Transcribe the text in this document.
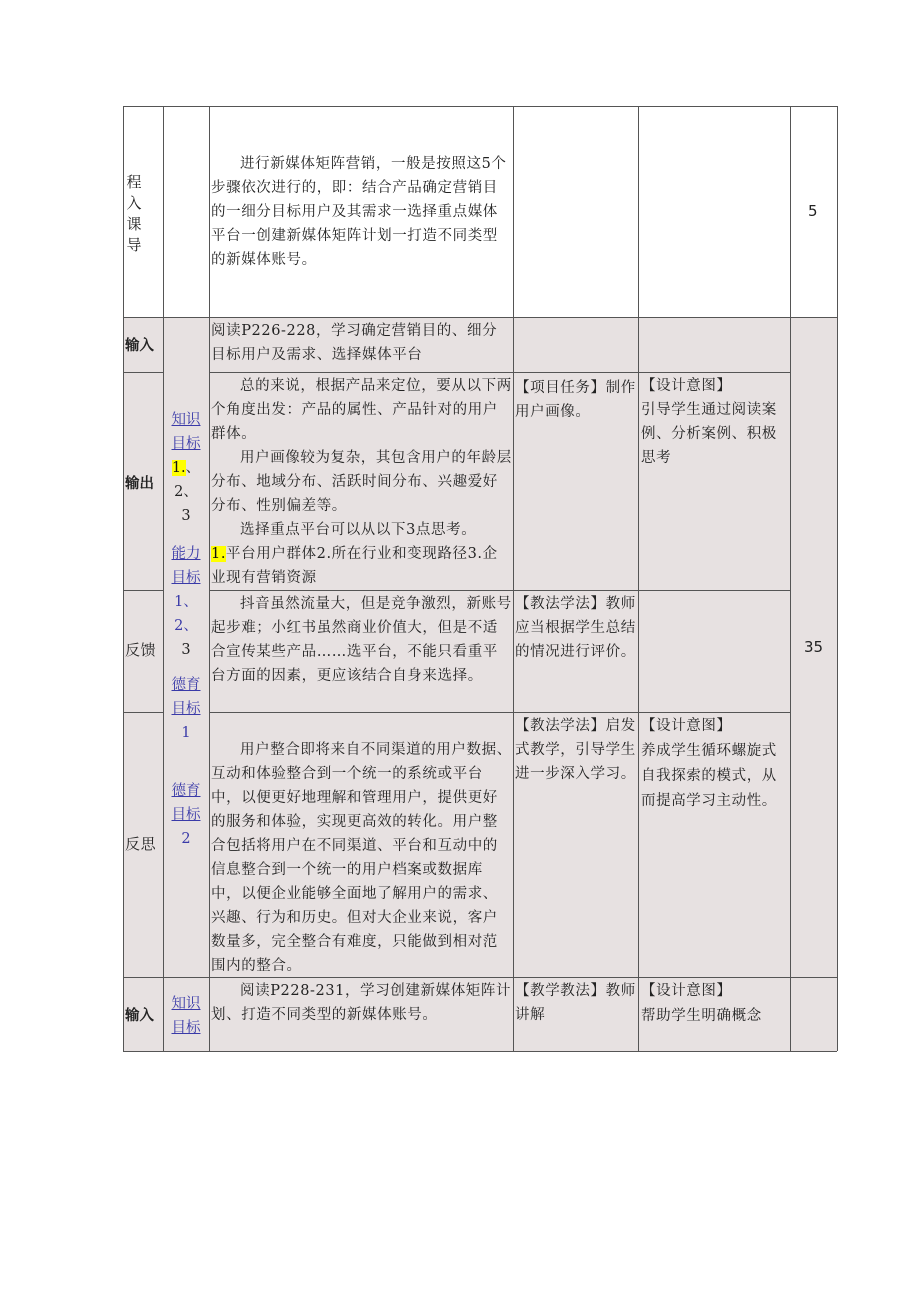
程
入
课
导

进行新媒体矩阵营销，一般是按照这5个步骤依次进行的，即：结合产品确定营销目的一细分目标用户及其需求一选择重点媒体平台一创建新媒体矩阵计划一打造不同类型的新媒体账号。

5
输入

阅读P226-228，学习确定营销目的、细分目标用户及需求、选择媒体平台

输出

总的来说，根据产品来定位，要从以下两个角度出发：产品的属性、产品针对的用户群体。

用户画像较为复杂，其包含用户的年龄层分布、地域分布、活跃时间分布、兴趣爱好分布、性别偏差等。

选择重点平台可以从以下3点思考。

1.平台用户群体2.所在行业和变现路径3.企业现有营销资源

【项目任务】制作用户画像。

【设计意图】

引导学生通过阅读案例、分析案例、积极思考

知识
目标
1.、2、
3
能力
目标
1、2、
3
德育
目标
1
德育
目标
2
反馈

抖音虽然流量大，但是竞争激烈，新账号起步难；小红书虽然商业价值大，但是不适合宣传某些产品……选平台，不能只看重平台方面的因素，更应该结合自身来选择。

【教法学法】教师应当根据学生总结的情况进行评价。	35
反思

用户整合即将来自不同渠道的用户数据、互动和体验整合到一个统一的系统或平台中，以便更好地理解和管理用户，提供更好的服务和体验，实现更高效的转化。用户整合包括将用户在不同渠道、平台和互动中的信息整合到一个统一的用户档案或数据库中，以便企业能够全面地了解用户的需求、兴趣、行为和历史。但对大企业来说，客户数量多，完全整合有难度，只能做到相对范围内的整合。

【教法学法】启发式教学，引导学生进一步深入学习。

【设计意图】

养成学生循环螺旋式自我探索的模式，从而提高学习主动性。

输入
知识
目标

阅读P228-231，学习创建新媒体矩阵计划、打造不同类型的新媒体账号。

【教学教法】教师讲解

【设计意图】

帮助学生明确概念
